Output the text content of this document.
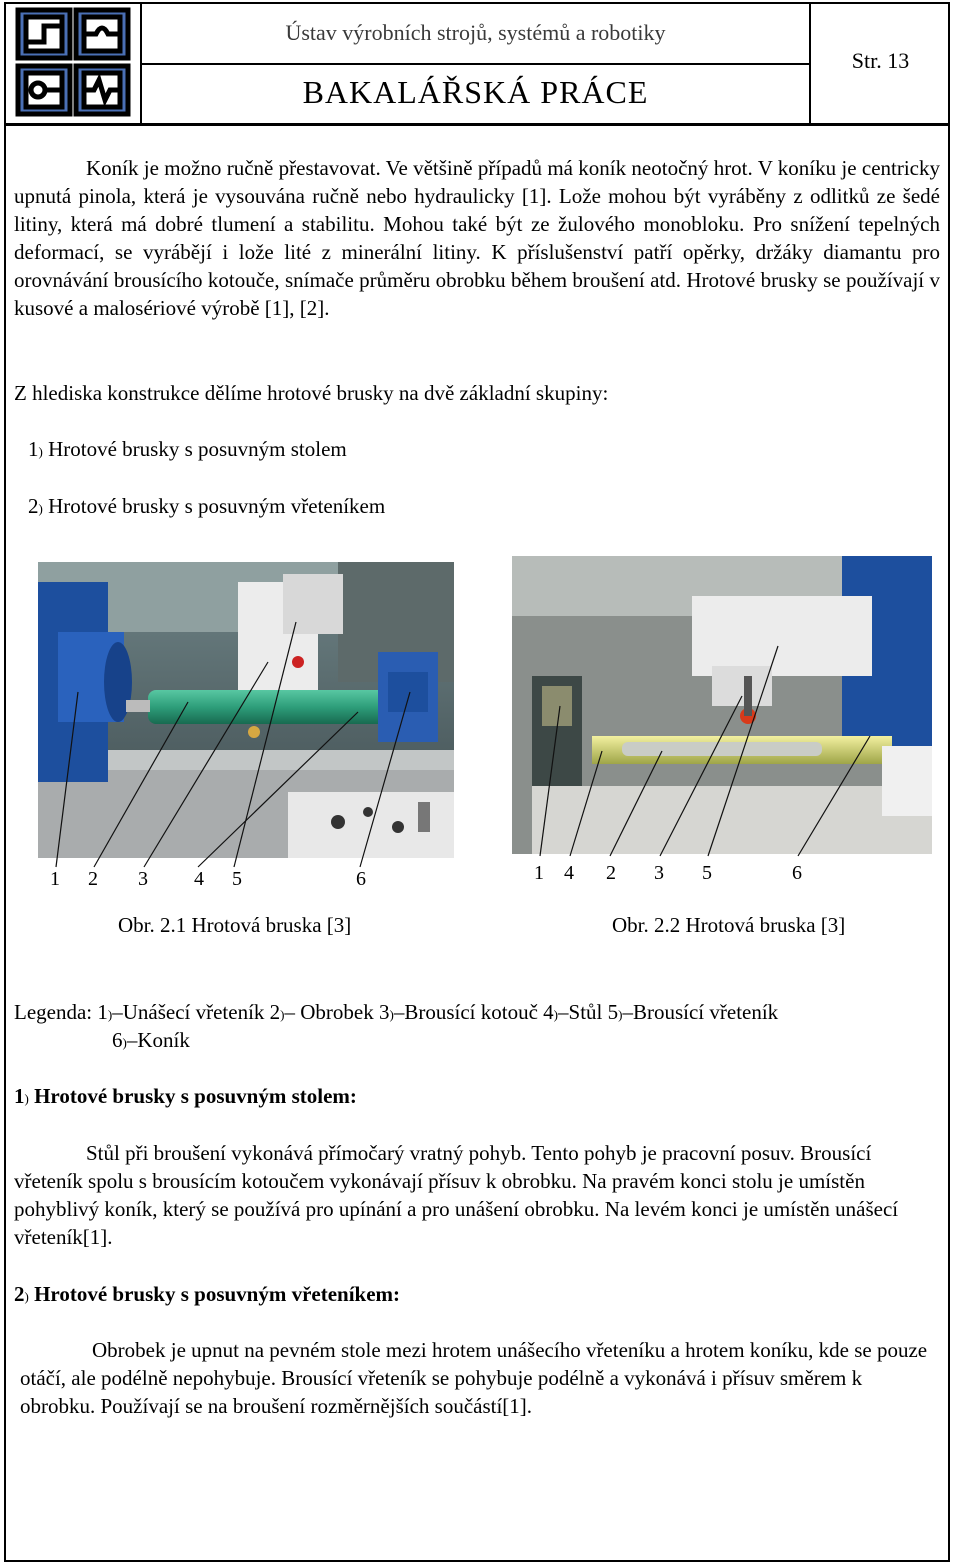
Ústav výrobních strojů, systémů a robotiky
BAKALÁŘSKÁ PRÁCE
Str. 13
Koník je možno ručně přestavovat. Ve většině případů má koník neotočný hrot. V koníku je centricky upnutá pinola, která je vysouvána ručně nebo hydraulicky [1]. Lože mohou být vyráběny z odlitků ze šedé litiny, která má dobré tlumení a stabilitu. Mohou také být ze žulového monobloku. Pro snížení tepelných deformací, se vyrábějí i lože lité z minerální litiny. K příslušenství patří opěrky, držáky diamantu pro orovnávání brousícího kotouče, snímače průměru obrobku během broušení atd. Hrotové brusky se používají v kusové a malosériové výrobě [1], [2].
Z hlediska konstrukce dělíme hrotové brusky na dvě základní skupiny:
1) Hrotové brusky s posuvným stolem
2) Hrotové brusky s posuvným vřeteníkem
1 2 3 4 5	6
Obr. 2.1 Hrotová bruska [3]
1 4 2 3 5	6
Obr. 2.2 Hrotová bruska [3]
Legenda: 1)–Unášecí vřeteník 2)– Obrobek 3)–Brousící kotouč 4)–Stůl 5)–Brousící vřeteník
6)–Koník
1) Hrotové brusky s posuvným stolem:
Stůl při broušení vykonává přímočarý vratný pohyb. Tento pohyb je pracovní posuv. Brousící vřeteník spolu s brousícím kotoučem vykonávají přísuv k obrobku. Na pravém konci stolu je umístěn pohyblivý koník, který se používá pro upínání a pro unášení obrobku. Na levém konci je umístěn unášecí vřeteník[1].
2) Hrotové brusky s posuvným vřeteníkem:
Obrobek je upnut na pevném stole mezi hrotem unášecího vřeteníku a hrotem koníku, kde se pouze otáčí, ale podélně nepohybuje. Brousící vřeteník se pohybuje podélně a vykonává i přísuv směrem k obrobku. Používají se na broušení rozměrnějších součástí[1].
